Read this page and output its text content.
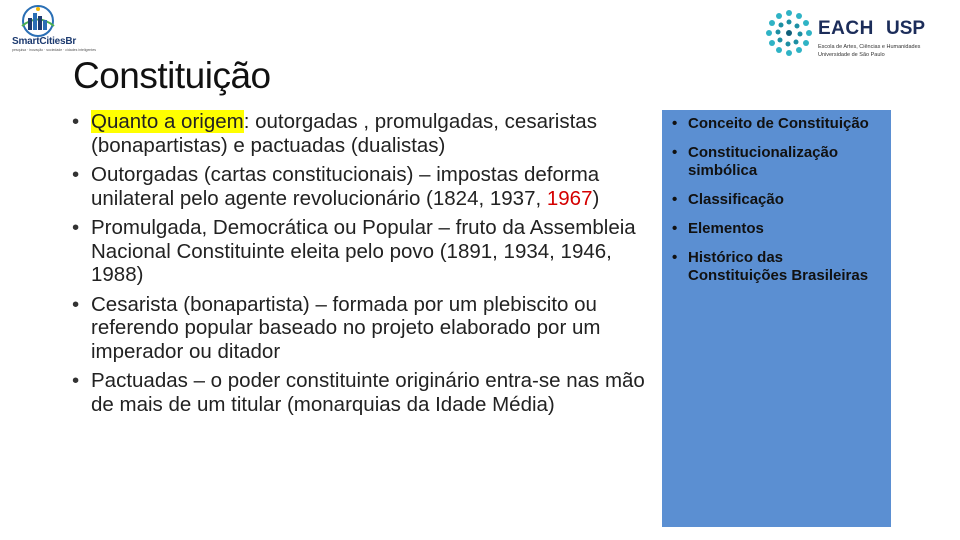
SmartCitiesBr
pesquisa · inovação · sociedade · cidades inteligentes
EACH USP
Escola de Artes, Ciências e Humanidades
Universidade de São Paulo
Constituição
• Quanto a origem: outorgadas , promulgadas, cesaristas (bonapartistas) e pactuadas (dualistas)
• Outorgadas (cartas constitucionais) – impostas deforma unilateral pelo agente revolucionário (1824, 1937, 1967)
• Promulgada, Democrática ou Popular – fruto da Assembleia Nacional Constituinte eleita pelo povo (1891, 1934, 1946, 1988)
• Cesarista (bonapartista) – formada por um plebiscito ou referendo popular baseado no projeto elaborado por um imperador ou ditador
• Pactuadas – o poder constituinte originário entra-se nas mão de mais de um titular (monarquias da Idade Média)
• Conceito de Constituição
• Constitucionalização simbólica
• Classificação
• Elementos
• Histórico das Constituições Brasileiras
